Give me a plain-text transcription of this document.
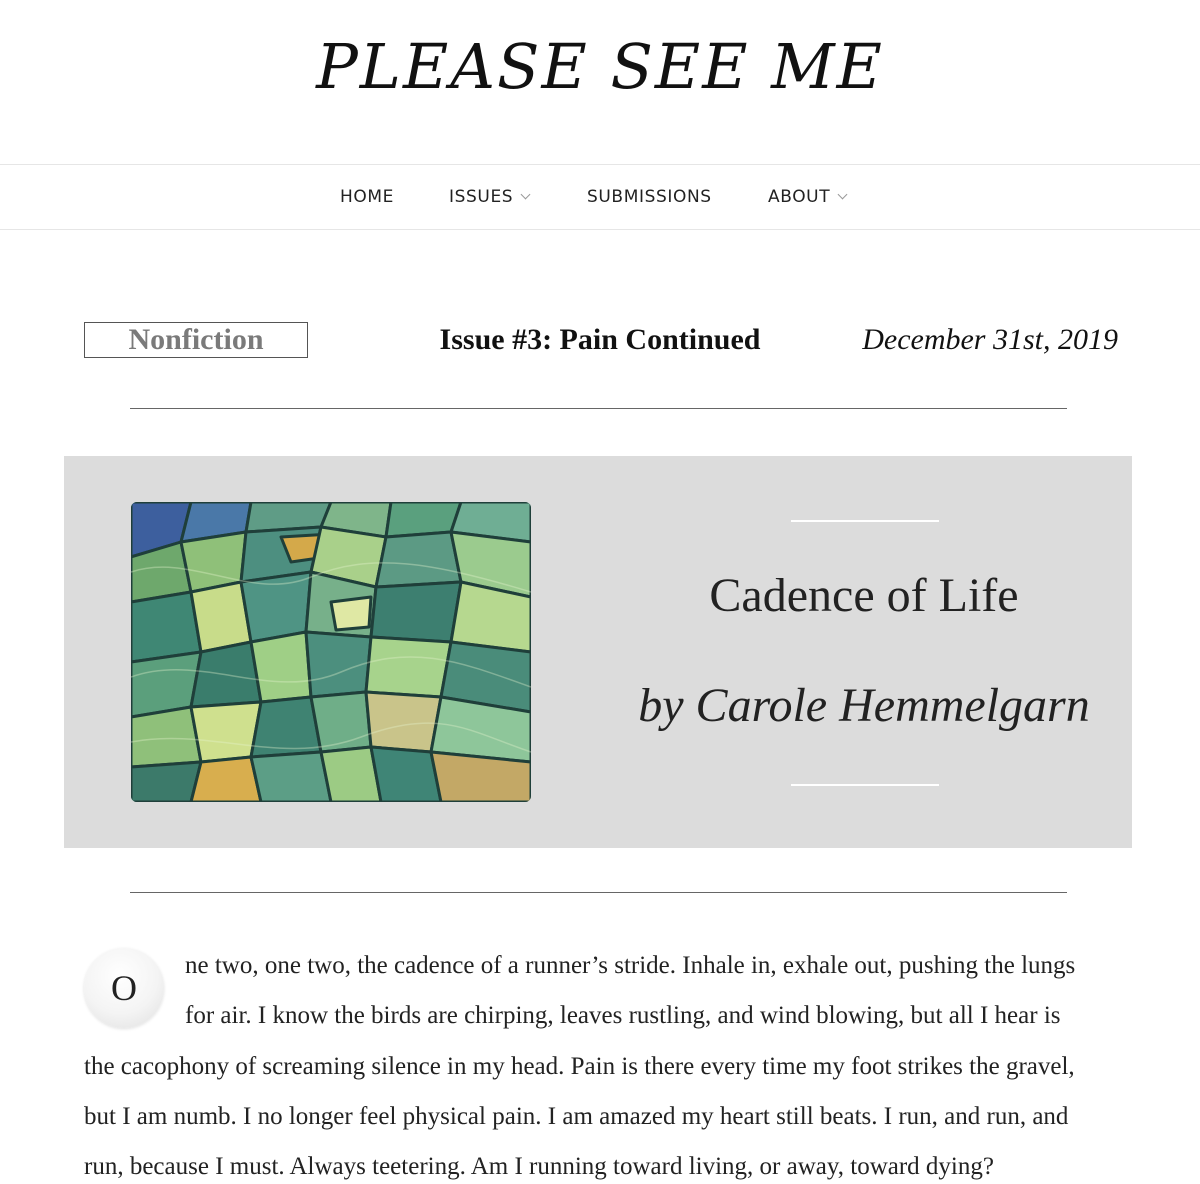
PLEASE SEE ME
HOME	ISSUES	SUBMISSIONS	ABOUT
Nonfiction	Issue #3: Pain Continued	December 31st, 2019
Cadence of Life
by Carole Hemmelgarn
O
ne two, one two, the cadence of a runner’s stride. Inhale in, exhale out, pushing the lungs
for air. I know the birds are chirping, leaves rustling, and wind blowing, but all I hear is
the cacophony of screaming silence in my head. Pain is there every time my foot strikes the gravel,
but I am numb. I no longer feel physical pain. I am amazed my heart still beats. I run, and run, and
run, because I must. Always teetering. Am I running toward living, or away, toward dying?
